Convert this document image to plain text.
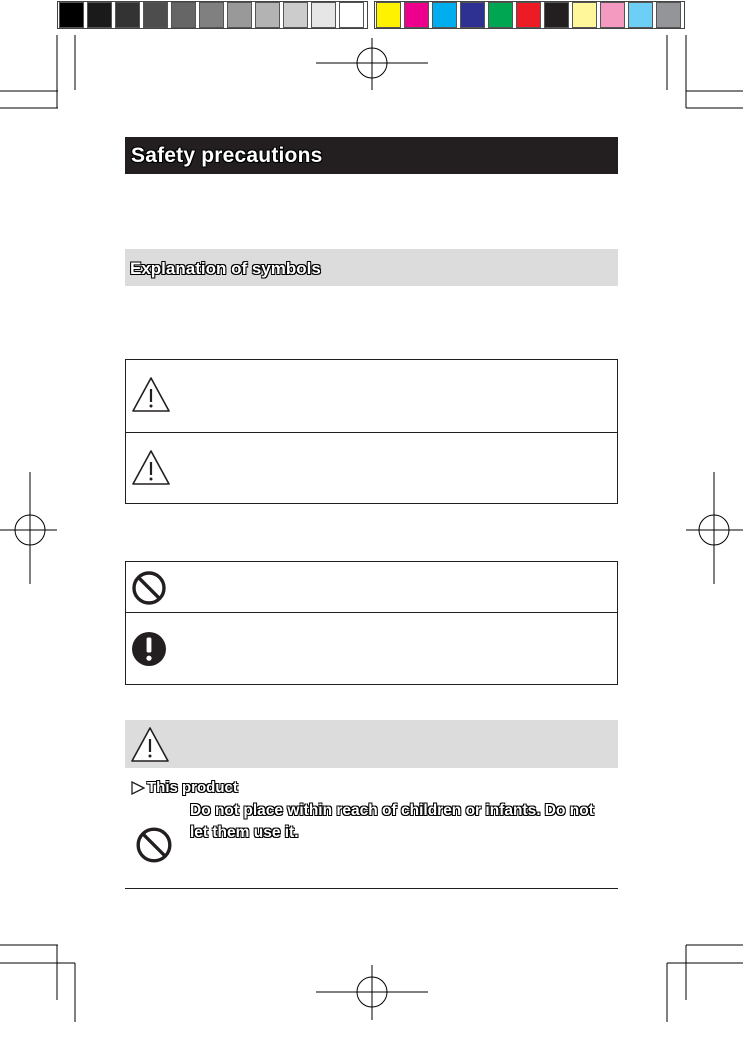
Safety precautions
Explanation of symbols
This product
Do not place within reach of children or infants. Do not let them use it.
